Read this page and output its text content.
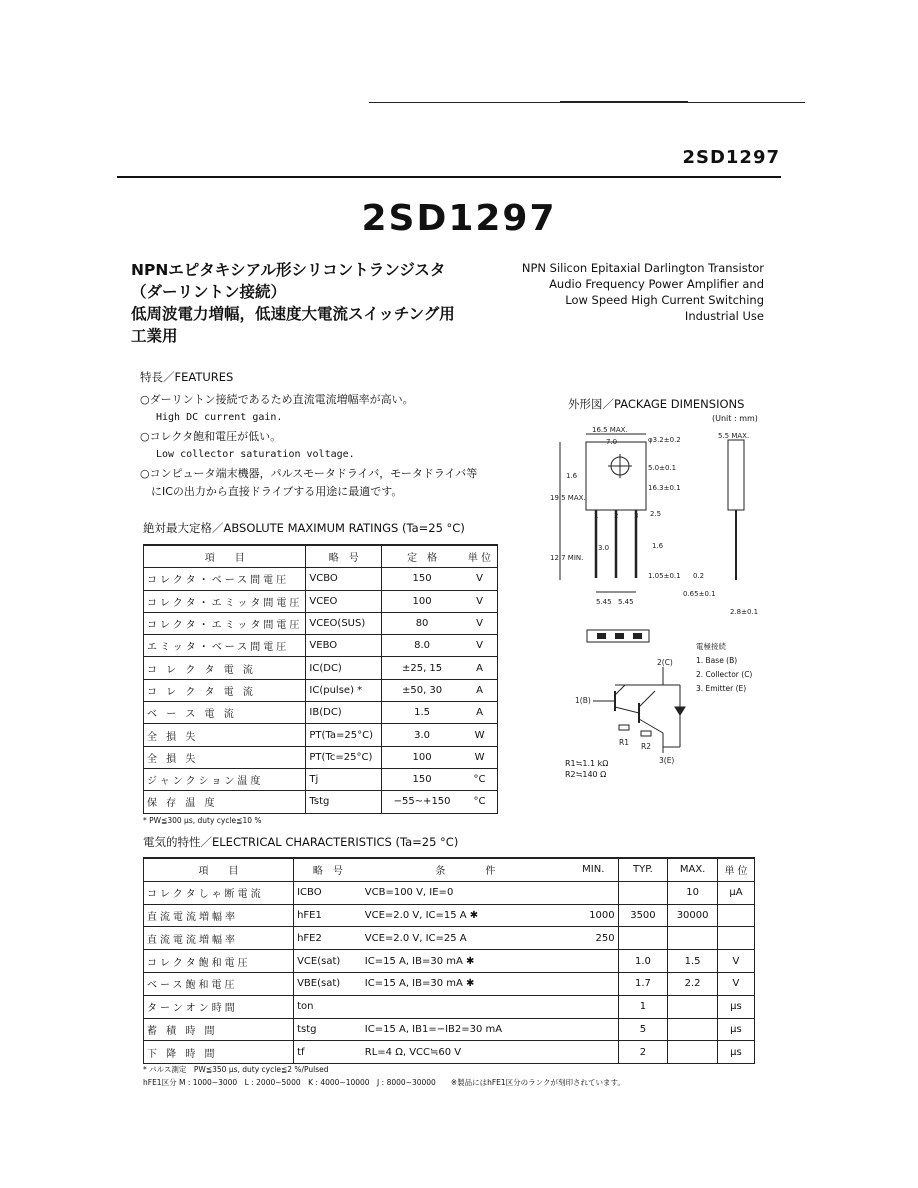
2SD1297
2SD1297
NPNエピタキシアル形シリコントランジスタ
（ダーリントン接続）
低周波電力増幅，低速度大電流スイッチング用
工業用
NPN Silicon Epitaxial Darlington Transistor
Audio Frequency Power Amplifier and
Low Speed High Current Switching
Industrial Use
特長／FEATURES
○ダーリントン接続であるため直流電流増幅率が高い。
High DC current gain.
○コレクタ飽和電圧が低い。
Low collector saturation voltage.
○コンピュータ端末機器，パルスモータドライバ，モータドライバ等
　にICの出力から直接ドライブする用途に最適です。
絶対最大定格／ABSOLUTE MAXIMUM RATINGS (Ta=25 °C)
項　　目	略　号	定　格	単 位
コレクタ・ベース間電圧	VCBO	150	V
コレクタ・エミッタ間電圧	VCEO	100	V
コレクタ・エミッタ間電圧	VCEO(SUS)	80	V
エミッタ・ベース間電圧	VEBO	8.0	V
コ レ ク タ 電 流	IC(DC)	±25, 15	A
コ レ ク タ 電 流	IC(pulse) *	±50, 30	A
ベ ー ス 電 流	IB(DC)	1.5	A
全 損 失	PT(Ta=25°C)	3.0	W
全 損 失	PT(Tc=25°C)	100	W
ジャンクション温度	Tj	150	°C
保 存 温 度	Tstg	−55∼+150	°C
* PW≦300 μs, duty cycle≦10 %
電気的特性／ELECTRICAL CHARACTERISTICS (Ta=25 °C)
項　　目	略　号	条　　　　件	MIN.	TYP.	MAX.	単 位
コレクタしゃ断電流	ICBO	VCB=100 V, IE=0			10	μA
直流電流増幅率	hFE1	VCE=2.0 V, IC=15 A ✱	1000	3500	30000	
直流電流増幅率	hFE2	VCE=2.0 V, IC=25 A	250			
コレクタ飽和電圧	VCE(sat)	IC=15 A, IB=30 mA ✱		1.0	1.5	V
ベース飽和電圧	VBE(sat)	IC=15 A, IB=30 mA ✱		1.7	2.2	V
ターンオン時間	ton			1		μs
蓄 積 時 間	tstg	IC=15 A, IB1=−IB2=30 mA		5		μs
下 降 時 間	tf	RL=4 Ω, VCC≒60 V		2		μs
* パルス測定　PW≦350 μs, duty cycle≦2 %/Pulsed
hFE1区分 M : 1000∼3000　L : 2000∼5000　K : 4000∼10000　J : 8000∼30000　　※製品にはhFE1区分のランクが刻印されています。
外形図／PACKAGE DIMENSIONS
(Unit : mm)
16.5 MAX.
7.0	φ3.2±0.2	5.5 MAX.
1.6
19.5 MAX.
5.0±0.1
16.3±0.1
2.5
12.7 MIN.
3.0	1.6
1.05±0.1 0.2
0.65±0.1
2.8±0.1
5.45 5.45
1 2 3
電極接続
1. Base (B)
2. Collector (C)
3. Emitter (E)
2(C)
1(B)
3(E)
R1 R2
R1≒1.1 kΩ
R2≒140 Ω
